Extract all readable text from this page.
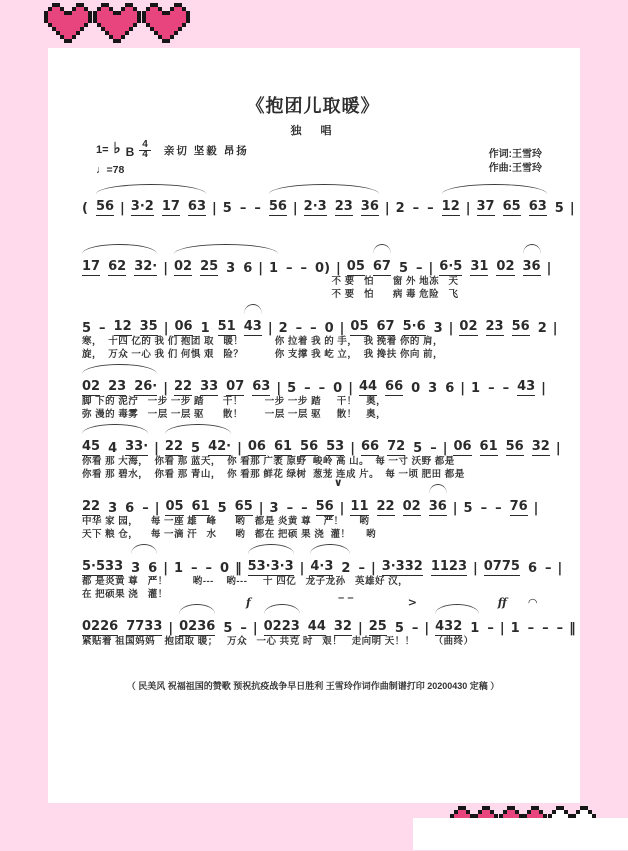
《抱团儿取暖》
独　唱
1= ♭ B $\frac{4}{4}$ 亲切 坚毅 昂扬
♩=78
作词:王雪玲
作曲:王雪玲
( 56 | 3·2 17 63 | 5 – – 56 | 2·3 23 36 | 2 – – 12 | 37 65 63 5 |
17 62 32· | 02 25 3 6 | 1 – – 0) | 05 67 5 – | 6·5 31 02 36 |
不 要   怕      窗 外 地冻   天
不 要   怕      病 毒 危险   飞
5 – 12 35 | 06 1 51 43 | 2 – – 0 | 05 67 5·6 3 | 02 23 56 2 |
寒，  十四 亿的 我 们 抱团 取   暖！          你 拉着 我 的 手，  我 挽着 你的 肩，
旋，  万众 一心 我 们 何惧 艰   险？          你 支撑 我 屹 立，  我 搀扶 你向 前，
02 23 26· | 22 33 07 63 | 5 – – 0 | 44 66 0 3 6 | 1 – – 43 |
脚 下的 泥泞   一步 一步 踏      干！       一步 一步 踏     干！   奥，
弥 漫的 毒雾   一层 一层 驱      散！       一层 一层 驱     散！   奥，
45 4 33· | 22 5 42· | 06 61 56 53 | 66 72 5 – | 06 61 56 32 |
你看 那 大海，  你看 那 蓝天，  你 看那 广袤 原野  峻岭 高 山。  每 一寸 沃野 都是
你看 那 碧水，  你看 那 青山，  你 看那 鲜花 绿树  葱茏 连成 片。  每 一顷 肥田 都是
22 3 6 – | 05 61 5 65 | 3 – – 56 | 11 22 02 36 | 5 – – 76 |
∨
中华 家 园，    每 一座 雄   峰      哟   都是 炎黄 尊    严！     哟
天下 粮 仓，    每 一滴 汗   水      哟   都在 把硕 果 浇  灌！     哟
5·533 3 6 | 1 – – 0 ‖ 53·3·3 | 4·3 2 – | 3·332 1123 | 0775 6 – |
都 是炎黄 尊   严！        哟---    哟---     十 四亿   龙子龙孙   英雄好 汉，
在 把硕果 浇   灌！
0226 7733 | 0236 5 – | 0223 44 32 | 25 5 – | 432 1 – | 1 – – – ‖
f	‾ ‾	>	ff ◠
紧贴着 祖国妈妈   抱团取 暖；   万众   一心 共克 时   艰！   走向明 天！！      （曲终）
（ 民美风 祝福祖国的赞歌 预祝抗疫战争早日胜利 王雪玲作词作曲制谱打印 20200430 定稿 ）
